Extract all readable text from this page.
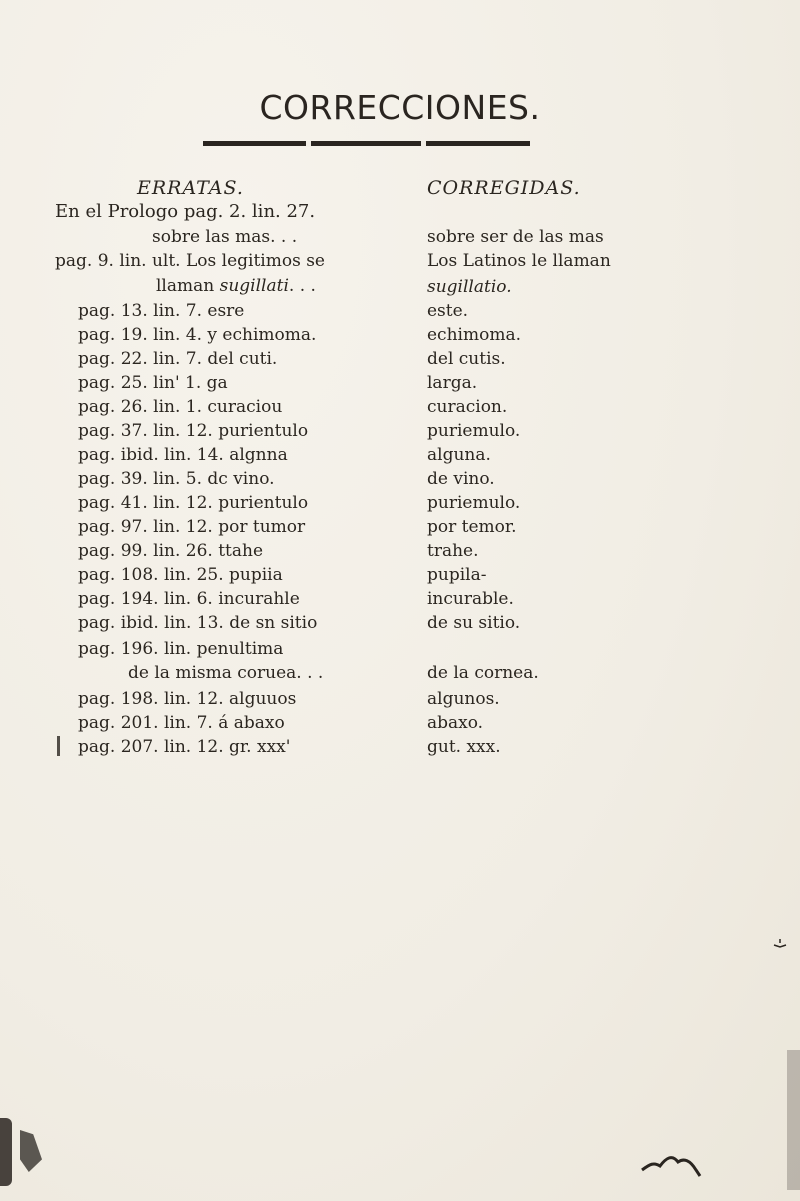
CORRECCIONES.
ERRATAS.	CORREGIDAS.
En el Prologo pag. 2. lin. 27.
sobre las mas. . .	sobre ser de las mas
pag. 9. lin. ult. Los legitimos se	Los Latinos le llaman
llaman sugillati. . .	sugillatio.
pag. 13. lin. 7. esre	este.
pag. 19. lin. 4. y echimoma.	echimoma.
pag. 22. lin. 7. del cuti.	del cutis.
pag. 25. lin' 1. ga	larga.
pag. 26. lin. 1. curaciou	curacion.
pag. 37. lin. 12. purientulo	puriemulo.
pag. ibid. lin. 14. algnna	alguna.
pag. 39. lin. 5. dc vino.	de vino.
pag. 41. lin. 12. purientulo	puriemulo.
pag. 97. lin. 12. por tumor	por temor.
pag. 99. lin. 26. ttahe	trahe.
pag. 108. lin. 25. pupiia	pupila-
pag. 194. lin. 6. incurahle	incurable.
pag. ibid. lin. 13. de sn sitio	de su sitio.
pag. 196. lin. penultima
de la misma coruea. . .	de la cornea.
pag. 198. lin. 12. alguuos	algunos.
pag. 201. lin. 7. á abaxo	abaxo.
pag. 207. lin. 12. gr. xxx'	gut. xxx.
